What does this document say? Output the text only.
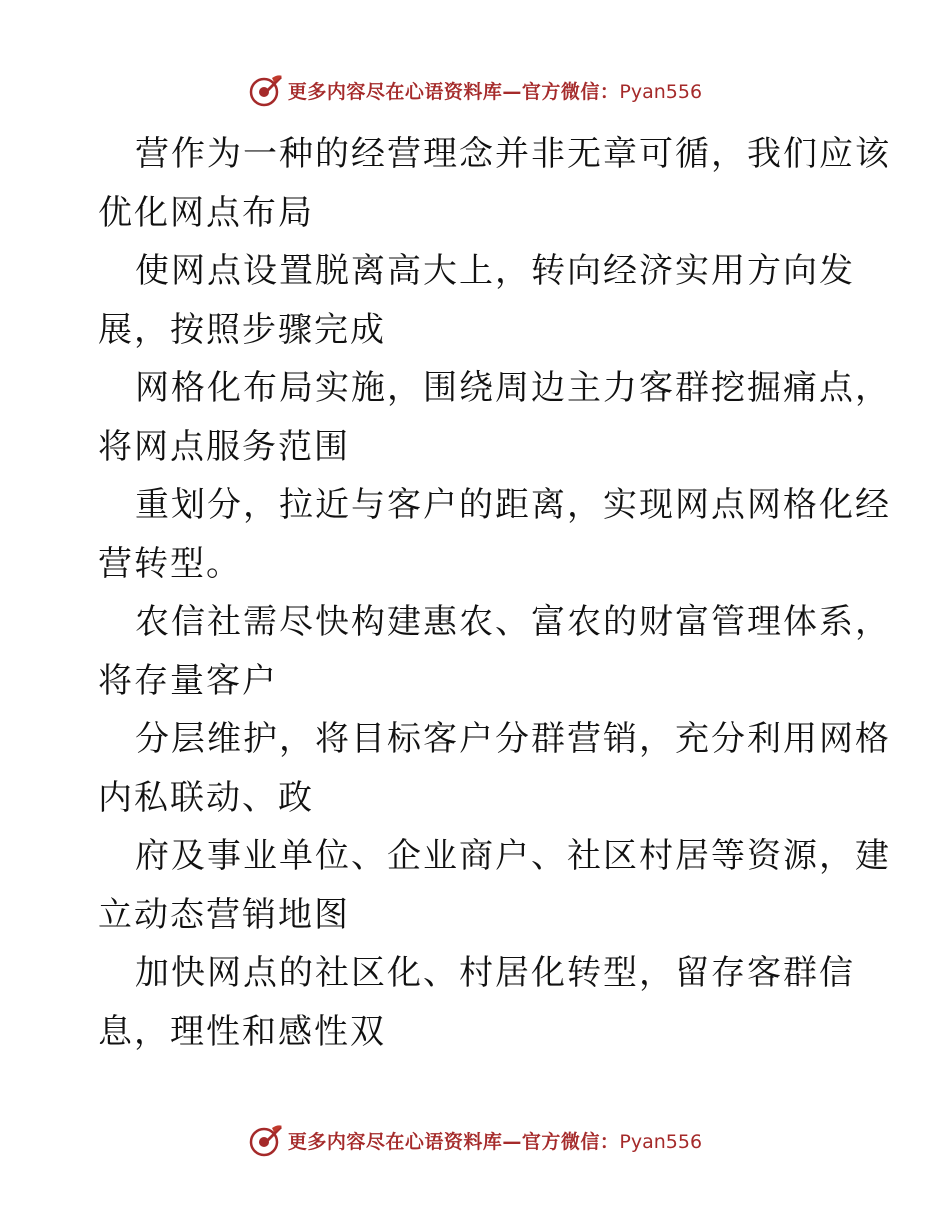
更多内容尽在心语资料库—官方微信：Pyan556
营作为一种的经营理念并非无章可循，我们应该
优化网点布局
使网点设置脱离高大上，转向经济实用方向发
展，按照步骤完成
网格化布局实施，围绕周边主力客群挖掘痛点，
将网点服务范围
重划分，拉近与客户的距离，实现网点网格化经
营转型。
农信社需尽快构建惠农、富农的财富管理体系，
将存量客户
分层维护，将目标客户分群营销，充分利用网格
内私联动、政
府及事业单位、企业商户、社区村居等资源，建
立动态营销地图
加快网点的社区化、村居化转型，留存客群信
息，理性和感性双
更多内容尽在心语资料库—官方微信：Pyan556
